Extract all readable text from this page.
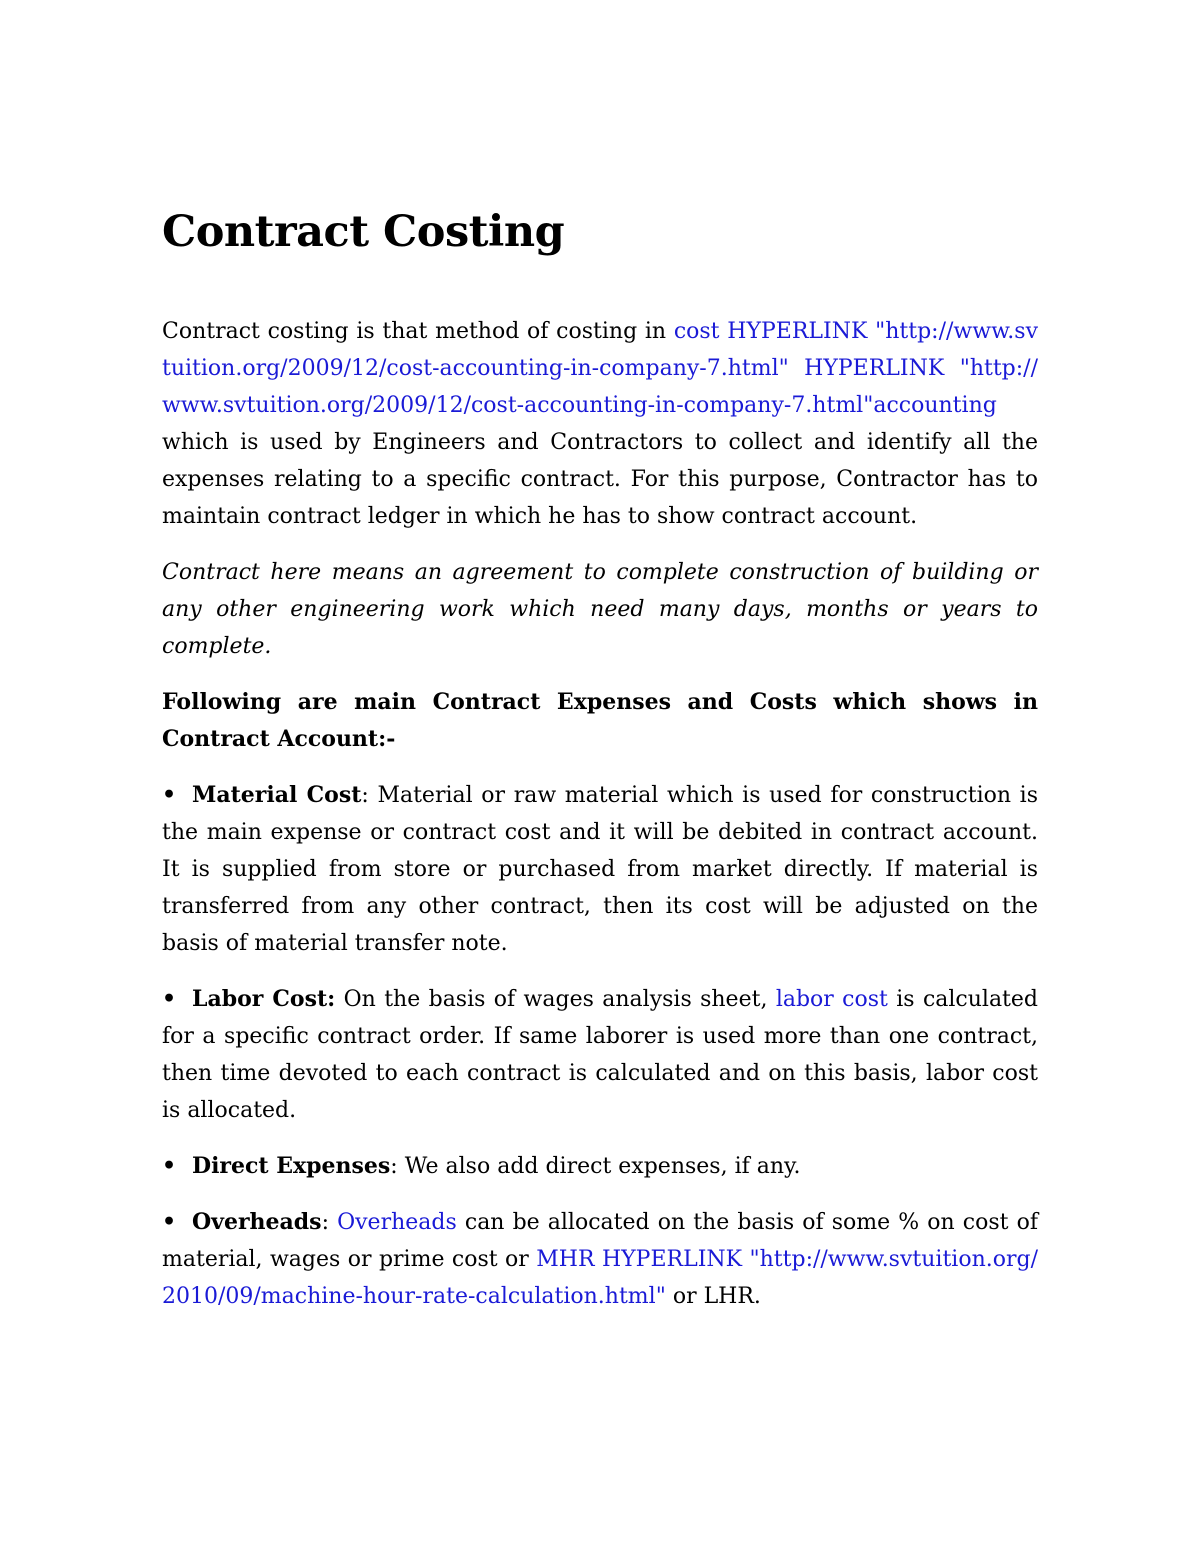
Contract Costing

Contract costing is that method of costing in cost HYPERLINK "http://www.svtuition.org/2009/12/cost-accounting-in-company-7.html" HYPERLINK "http://www.svtuition.org/2009/12/cost-accounting-in-company-7.html"accounting which is used by Engineers and Contractors to collect and identify all the expenses relating to a specific contract. For this purpose, Contractor has to maintain contract ledger in which he has to show contract account.

Contract here means an agreement to complete construction of building or any other engineering work which need many days, months or years to complete.

Following are main Contract Expenses and Costs which shows in Contract Account:-

•Material Cost: Material or raw material which is used for construction is the main expense or contract cost and it will be debited in contract account. It is supplied from store or purchased from market directly. If material is transferred from any other contract, then its cost will be adjusted on the basis of material transfer note.

•Labor Cost: On the basis of wages analysis sheet, labor cost is calculated for a specific contract order. If same laborer is used more than one contract, then time devoted to each contract is calculated and on this basis, labor cost is allocated.

•Direct Expenses: We also add direct expenses, if any.

•Overheads: Overheads can be allocated on the basis of some % on cost of material, wages or prime cost or MHR HYPERLINK "http://www.svtuition.org/2010/09/machine-hour-rate-calculation.html" or LHR.
